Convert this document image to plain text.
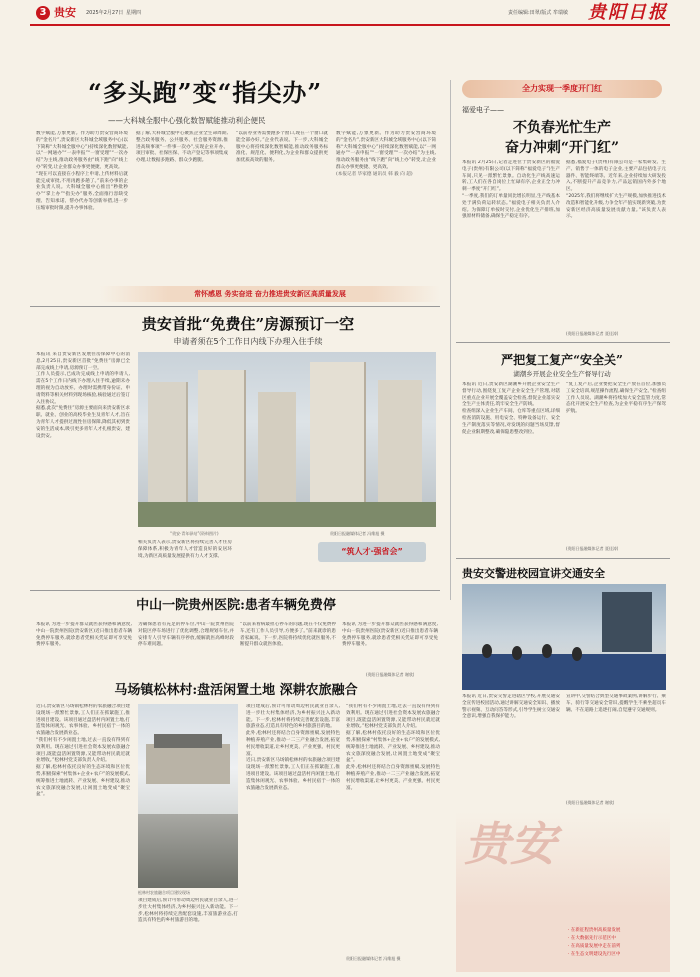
3 贵安 2025年2月27日 星期四	责任编辑:田翠/版式 牟瑞敏 贵阳日报
“多头跑”变“指尖办”
——大科城全服中心强化数智赋能推动利企便民
数字赋能,万象更新。作为助力贵安营商环境的“金名片”,贵安新区大科城全域服务中心(以下简称“大科城全服中心”)持续深化数智赋能,以“一网通办”“一表申报”“一窗受理”“一次办结”为主线,推动政务服务由“线下跑”向“线上办”转变,让企业群众办事更便捷、更高效。
“现在可以直接在小程序上申请,上传材料后就能完成审批,不用再跑多趟了。”前来办事的企业负责人说。大科城全服中心推出“秒批秒办”“掌上办”“指尖办”服务,全面推行容缺受理、告知承诺、帮办代办等创新举措,进一步压缩审批时限,提升办事体验。
据了解,大科城全服中心聚焦企业全生命周期,整合政务服务、公共服务、社会服务资源,推进高频事项“一件事一次办”,实现企业开办、项目审批、社保医保、不动产登记等事项集成办理,让数据多跑路、群众少跑腿。
“以前办业务需要跑多个窗口,现在一个窗口就能全部办好。”企业代表说。下一步,大科城全服中心将持续深化数智赋能,推动政务服务标准化、规范化、便利化,为企业和群众提供更加优质高效的服务。
数字赋能,万象更新。作为助力贵安营商环境的“金名片”,贵安新区大科城全域服务中心(以下简称“大科城全服中心”)持续深化数智赋能,以“一网通办”“一表申报”“一窗受理”“一次办结”为主线,推动政务服务由“线下跑”向“线上办”转变,让企业群众办事更便捷、更高效。
(本报记者 毕家德 通讯员 韩 毅 向 超)
常怀感恩 务实奋进 奋力推进贵安新区高质量发展
全力实现一季度开门红
福爱电子——
不负春光忙生产
奋力冲刺“开门红”
本报讯 2月25日,记者走进位于贵安新区的福爱电子(贵州)有限公司(以下简称“福爱电子”)生产车间,只见一派繁忙景象。自动化生产线高速运转,工人们在各自岗位上忙碌有序,企业正全力冲刺一季度“开门红”。
“一季度,我们的订单量同比增长明显,生产线基本处于满负荷运转状态。”福爱电子相关负责人介绍。为保障订单按时交付,企业优化生产排班,加强原材料储备,确保生产稳定有序。
据悉,福爱电子(贵州)有限公司是一家集研发、生产、销售于一体的电子企业,主要产品包括电子元器件、智能终端等。近年来,企业持续加大研发投入,不断提升产品竞争力,产品远销国内外多个地区。
“2025年,我们将继续扩大生产规模,加快推进技术改造和智能化升级,力争全年产值实现新突破,为贵安新区经济高质量发展贡献力量。”该负责人表示。
(贵阳日报融媒体记者 聂佳涛)
贵安首批“免费住”房源预订一空
申请者须在5个工作日内线下办理入住手续
本报讯 来自贵安新区发展住房保障中心的消息,2月25日,贵安新区首批“免费住”房源已全部完成线上申请,房源预订一空。
工作人员提示,已成功完成线上申请的申请人,需在5个工作日内线下办理入住手续,逾期未办理的视为自动放弃。办理时需携带身份证、申请资料等相关材料到现场核验,核验通过后签订入住协议。
据悉,此次“免费住”房源主要面向来贵安新区求职、就业、创业的高校毕业生及青年人才,旨在为青年人才提供过渡性住房保障,降低其初到贵安的生活成本,吸引更多青年人才扎根贵安、建设贵安。
“贵安·青年驿站”(资料图片)	贵阳日报融媒体记者 冯维旭 摄
相关负责人表示,贵安新区将持续完善人才住房保障体系,积极为青年人才营造良好的安居环境,为新区高质量发展提供有力人才支撑。
“筑人才·强省会”
严把复工复产“安全关”
湖潮乡开展企业安全生产督导行动
本报讯 近日,贵安新区湖潮乡开展企业安全生产督导行动,围绕复工复产企业安全生产管理,对辖区重点企业开展全覆盖安全检查,督促企业落实安全生产主体责任,筑牢安全生产防线。
检查组深入企业生产车间、仓库等重点区域,详细检查消防设施、用电安全、特种设备运行、安全生产制度落实等情况,对发现的问题当场反馈,督促企业限期整改,确保隐患整改到位。
“复工复产后,企业要把安全生产放在首位,加强员工安全培训,规范操作流程,确保生产安全。”检查组工作人员说。湖潮乡将持续加大安全监管力度,常态化开展安全生产检查,为企业平稳有序生产保驾护航。
(贵阳日报融媒体记者 聂佳涛)
贵安交警进校园宣讲交通安全
本报讯 近日,贵安交警走进辖区学校,开展交通安全宣传进校园活动,通过讲解交通安全知识、播放警示视频、互动问答等形式,引导学生树立交通安全意识,增强自我保护能力。
宣讲中,交警结合典型交通事故案例,讲解步行、乘车、骑行等交通安全常识,提醒学生不乘坐超员车辆、不在道路上追逐打闹,自觉遵守交通规则。
(贵阳日报融媒体记者 谢欣)
中山一院贵州医院:患者车辆免费停
本报讯 为进一步提升群众就医获得感和满意度,中山一院贵州医院(贵安新区)近日推出患者车辆免费停车服务,就诊患者凭相关凭证即可享受免费停车服务。
为确保患者有充足的停车位,中山一院贵州医院对院区停车场进行了优化调整,合理规划车位,并安排专人引导车辆有序停放,缓解就医高峰时段停车难问题。
“以前来看病最担心停车的问题,现在不仅免费停车,还有工作人员引导,方便多了。”前来就诊的患者家属说。下一步,医院将持续优化就医服务,不断提升群众就医体验。
本报讯 为进一步提升群众就医获得感和满意度,中山一院贵州医院(贵安新区)近日推出患者车辆免费停车服务,就诊患者凭相关凭证即可享受免费停车服务。
(贵阳日报融媒体记者 谢欣)
马场镇松林村:盘活闲置土地 深耕农旅融合
近日,贵安新区马场镇松林村的农旅融合项目建设现场一派繁忙景象,工人们正在抓紧施工,推进项目建设。该项目通过盘活村内闲置土地,打造集休闲观光、农事体验、乡村民宿于一体的农旅融合发展新业态。
“我们村有不少闲置土地,过去一直没有得到有效利用。现在通过引进社会资本发展农旅融合项目,既能盘活闲置资源,又能带动村民就近就业增收。”松林村党支部负责人介绍。
据了解,松林村依托良好的生态环境和区位优势,积极探索“村集体+企业+农户”的发展模式,统筹推进土地流转、产业发展、乡村建设,推动农文旅深度融合发展,让闲置土地变成“聚宝盆”。
松林村农旅融合项目建设现场
项目建成后,预计可带动周边村民就业百余人,进一步壮大村集体经济,为乡村振兴注入新动能。下一步,松林村将持续完善配套设施,丰富旅游业态,打造具有特色的乡村旅游目的地。
项目建成后,预计可带动周边村民就业百余人,进一步壮大村集体经济,为乡村振兴注入新动能。下一步,松林村将持续完善配套设施,丰富旅游业态,打造具有特色的乡村旅游目的地。
此外,松林村还将结合自身资源禀赋,发展特色种植养殖产业,推动一二三产业融合发展,拓宽村民增收渠道,让乡村更美、产业更强、村民更富。
近日,贵安新区马场镇松林村的农旅融合项目建设现场一派繁忙景象,工人们正在抓紧施工,推进项目建设。该项目通过盘活村内闲置土地,打造集休闲观光、农事体验、乡村民宿于一体的农旅融合发展新业态。
“我们村有不少闲置土地,过去一直没有得到有效利用。现在通过引进社会资本发展农旅融合项目,既能盘活闲置资源,又能带动村民就近就业增收。”松林村党支部负责人介绍。
据了解,松林村依托良好的生态环境和区位优势,积极探索“村集体+企业+农户”的发展模式,统筹推进土地流转、产业发展、乡村建设,推动农文旅深度融合发展,让闲置土地变成“聚宝盆”。
此外,松林村还将结合自身资源禀赋,发展特色种植养殖产业,推动一二三产业融合发展,拓宽村民增收渠道,让乡村更美、产业更强、村民更富。
贵阳日报融媒体记者 冯维旭 摄
贵安
· 在新征程贵州高质量发展
· 在大数据先行示范区中
· 在高质量发展中走在前列
· 在生态文明建设先行区中
